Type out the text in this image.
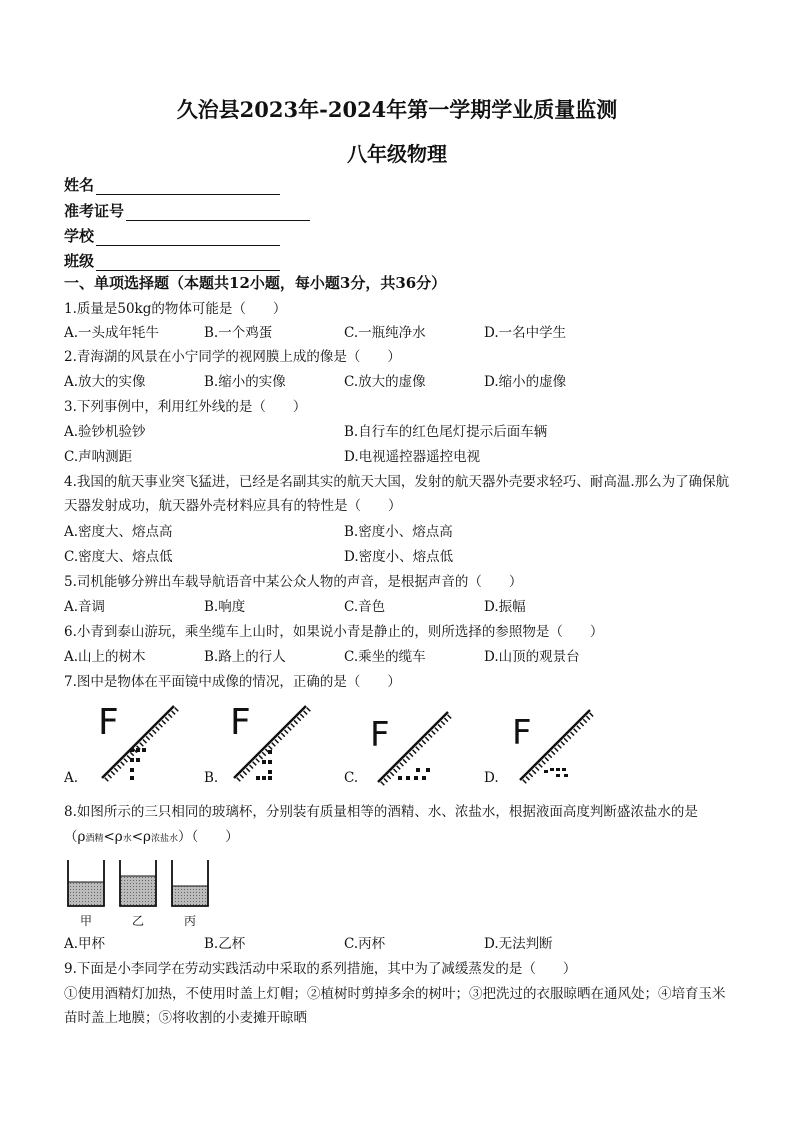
久治县2023年-2024年第一学期学业质量监测
八年级物理
姓名
准考证号
学校
班级
一、单项选择题（本题共12小题，每小题3分，共36分）
1.质量是50kg的物体可能是（　　）
A.一头成年牦牛	B.一个鸡蛋	C.一瓶纯净水	D.一名中学生
2.青海湖的风景在小宁同学的视网膜上成的像是（　　）
A.放大的实像	B.缩小的实像	C.放大的虚像	D.缩小的虚像
3.下列事例中，利用红外线的是（　　）
A.验钞机验钞	B.自行车的红色尾灯提示后面车辆
C.声呐测距	D.电视遥控器遥控电视
4.我国的航天事业突飞猛进，已经是名副其实的航天大国，发射的航天器外壳要求轻巧、耐高温.那么为了确保航天器发射成功，航天器外壳材料应具有的特性是（　　）
A.密度大、熔点高	B.密度小、熔点高
C.密度大、熔点低	D.密度小、熔点低
5.司机能够分辨出车载导航语音中某公众人物的声音，是根据声音的（　　）
A.音调	B.响度	C.音色	D.振幅
6.小青到泰山游玩，乘坐缆车上山时，如果说小青是静止的，则所选择的参照物是（　　）
A.山上的树木	B.路上的行人	C.乘坐的缆车	D.山顶的观景台
7.图中是物体在平面镜中成像的情况，正确的是（　　）
A.
F
B.
F
C.
F
D.
F
8.如图所示的三只相同的玻璃杯，分别装有质量相等的酒精、水、浓盐水，根据液面高度判断盛浓盐水的是
（ρ酒精<ρ水<ρ浓盐水）（　　）
甲	乙	丙
A.甲杯	B.乙杯	C.丙杯	D.无法判断
9.下面是小李同学在劳动实践活动中采取的系列措施，其中为了减缓蒸发的是（　　）
①使用酒精灯加热，不使用时盖上灯帽；②植树时剪掉多余的树叶；③把洗过的衣服晾晒在通风处；④培育玉米苗时盖上地膜；⑤将收割的小麦摊开晾晒
